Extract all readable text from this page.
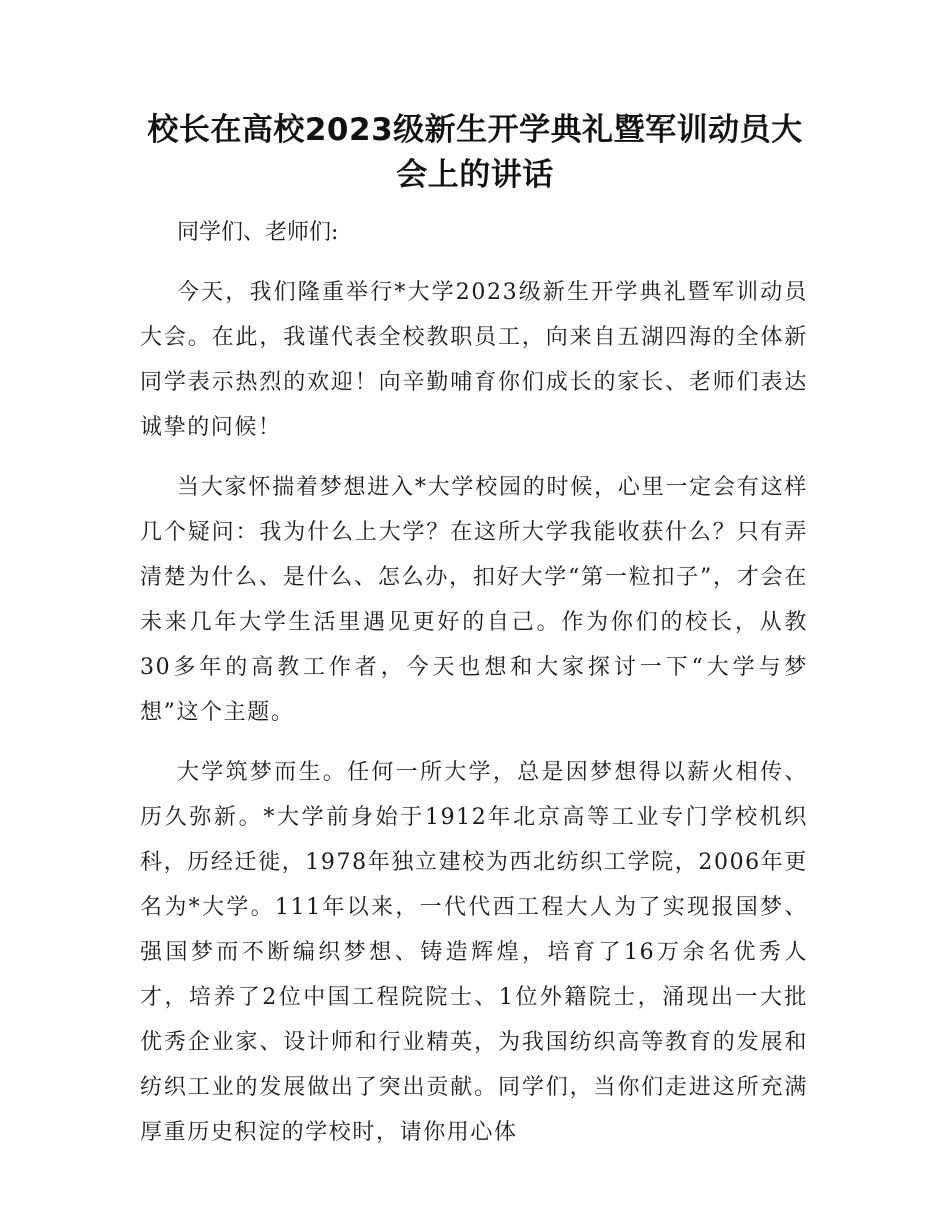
校长在高校2023级新生开学典礼暨军训动员大会上的讲话

同学们、老师们:

今天，我们隆重举行*大学2023级新生开学典礼暨军训动员大会。在此，我谨代表全校教职员工，向来自五湖四海的全体新同学表示热烈的欢迎！向辛勤哺育你们成长的家长、老师们表达诚挚的问候！

当大家怀揣着梦想进入*大学校园的时候，心里一定会有这样几个疑问：我为什么上大学？在这所大学我能收获什么？只有弄清楚为什么、是什么、怎么办，扣好大学“第一粒扣子”，才会在未来几年大学生活里遇见更好的自己。作为你们的校长，从教30多年的高教工作者，今天也想和大家探讨一下“大学与梦想”这个主题。

大学筑梦而生。任何一所大学，总是因梦想得以薪火相传、历久弥新。*大学前身始于1912年北京高等工业专门学校机织科，历经迁徙，1978年独立建校为西北纺织工学院，2006年更名为*大学。111年以来，一代代西工程大人为了实现报国梦、强国梦而不断编织梦想、铸造辉煌，培育了16万余名优秀人才，培养了2位中国工程院院士、1位外籍院士，涌现出一大批优秀企业家、设计师和行业精英，为我国纺织高等教育的发展和纺织工业的发展做出了突出贡献。同学们，当你们走进这所充满厚重历史积淀的学校时，请你用心体
